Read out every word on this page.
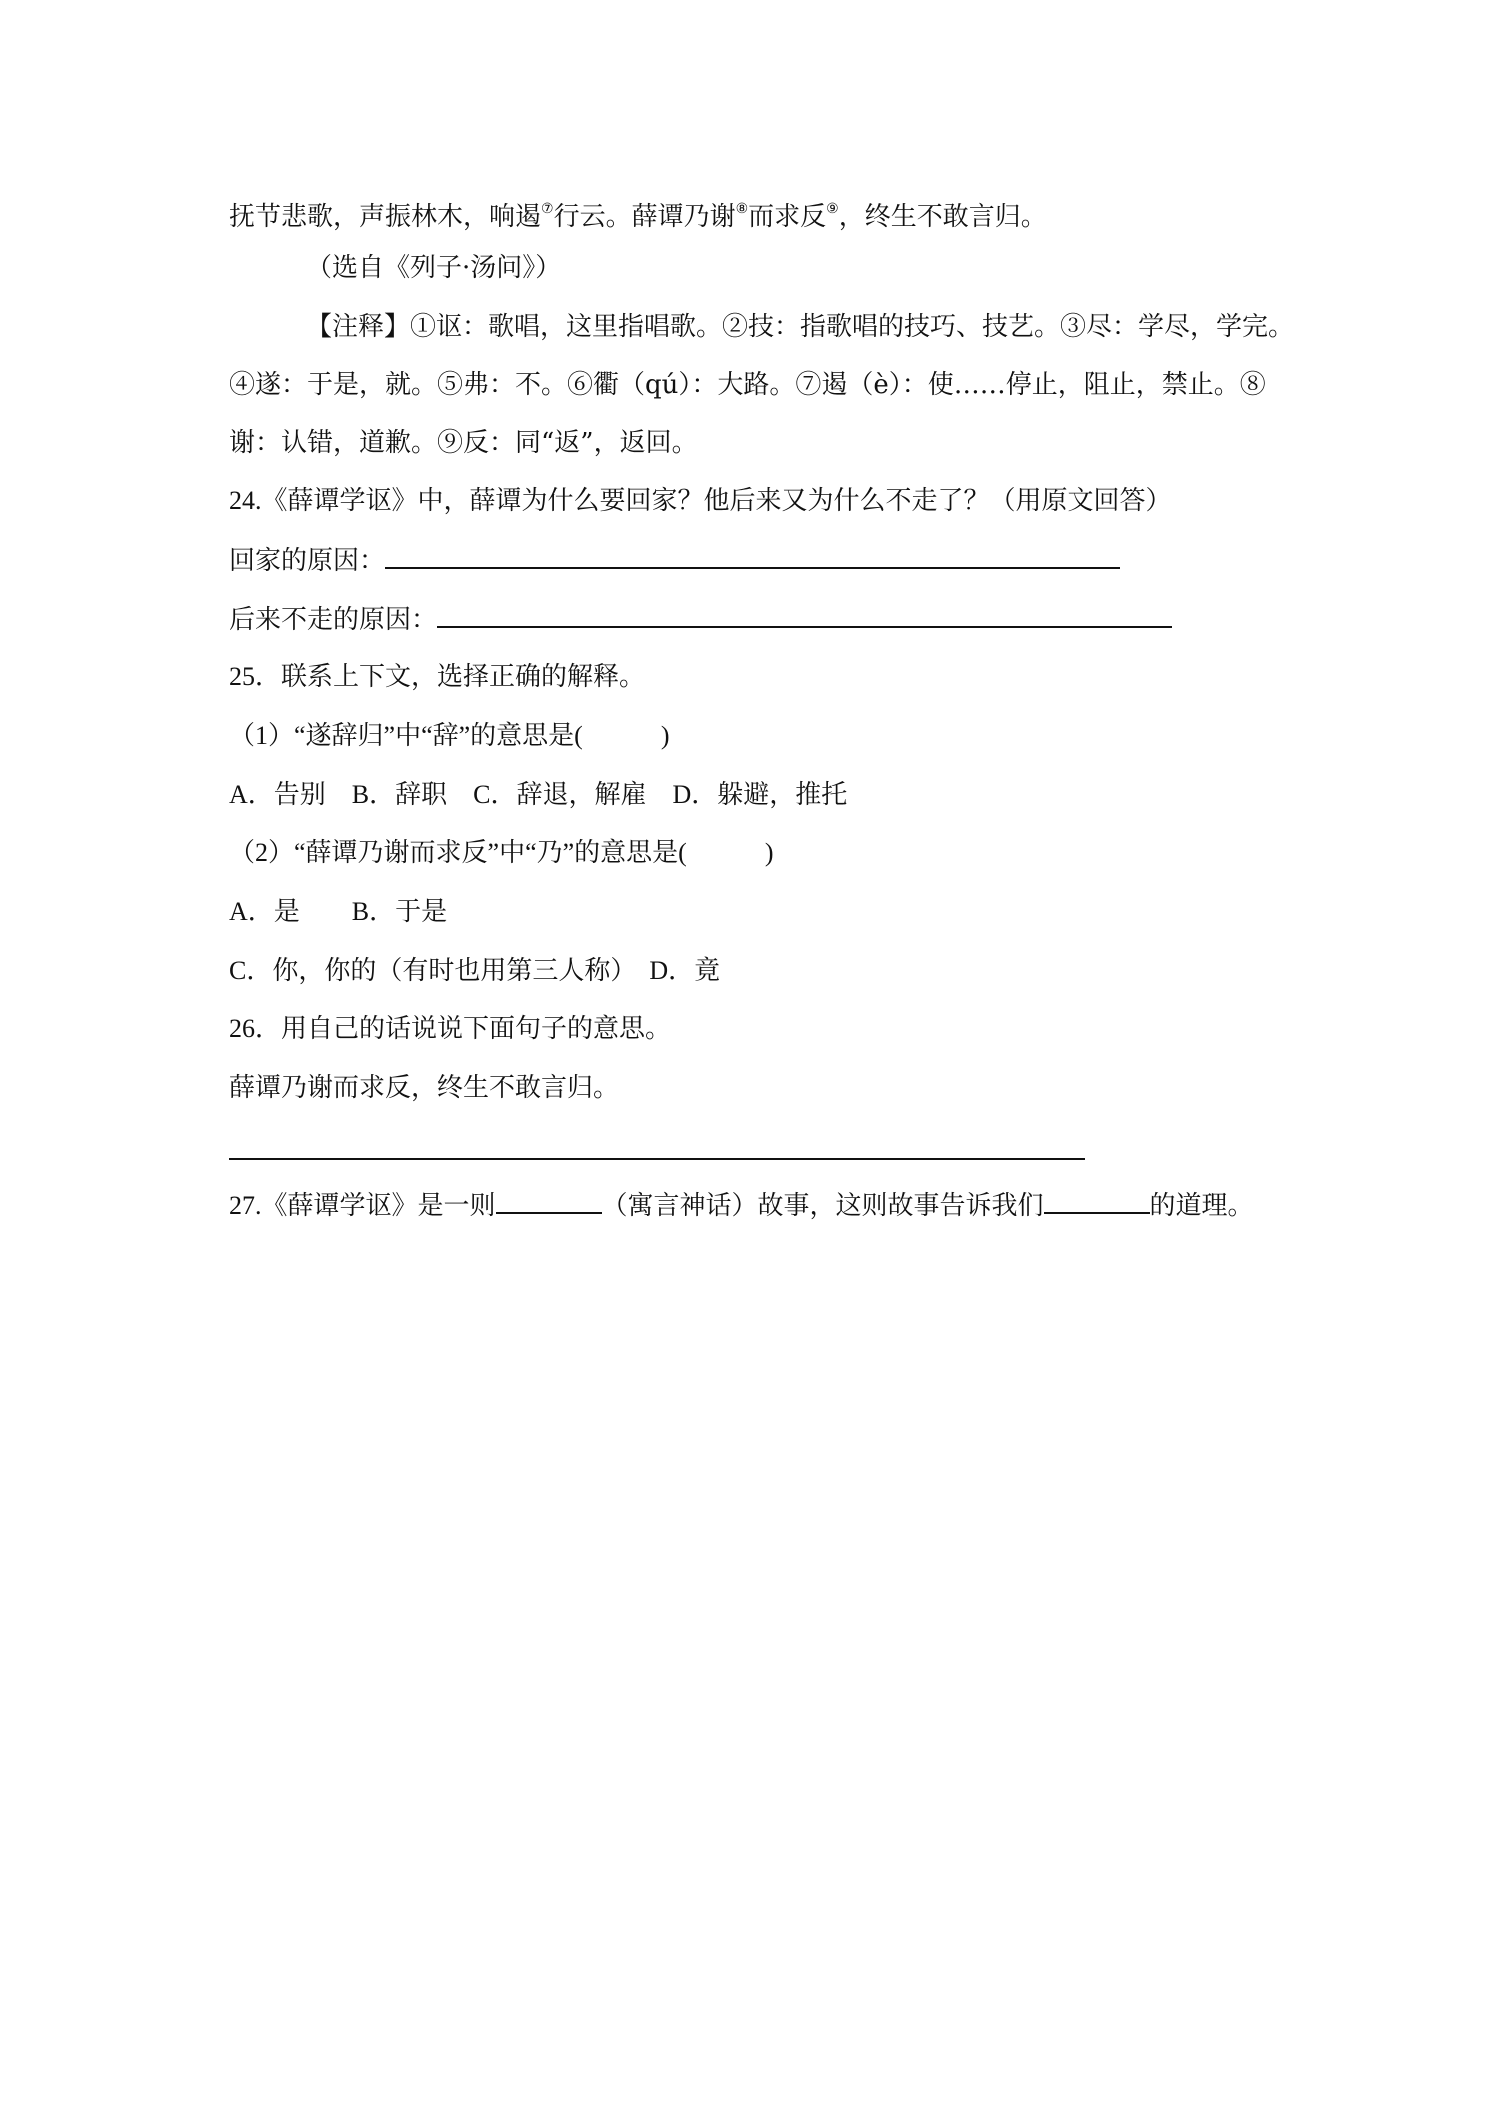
抚节悲歌，声振林木，响遏⑦行云。薛谭乃谢⑧而求反⑨，终生不敢言归。
（选自《列子·汤问》）
【注释】①讴：歌唱，这里指唱歌。②技：指歌唱的技巧、技艺。③尽：学尽，学完。
④遂：于是，就。⑤弗：不。⑥衢（qú）：大路。⑦遏（è）：使……停止，阻止，禁止。⑧
谢：认错，道歉。⑨反：同“返”，返回。
24.《薛谭学讴》中，薛谭为什么要回家？他后来又为什么不走了？（用原文回答）
回家的原因：
后来不走的原因：
25．联系上下文，选择正确的解释。
（1）“遂辞归”中“辞”的意思是(　　　)
A．告别　B．辞职　C．辞退，解雇　D．躲避，推托
（2）“薛谭乃谢而求反”中“乃”的意思是(　　　)
A．是　　B．于是
C．你，你的（有时也用第三人称）　D．竟
26．用自己的话说说下面句子的意思。
薛谭乃谢而求反，终生不敢言归。
27.《薛谭学讴》是一则	（寓言神话）故事，这则故事告诉我们	的道理。
